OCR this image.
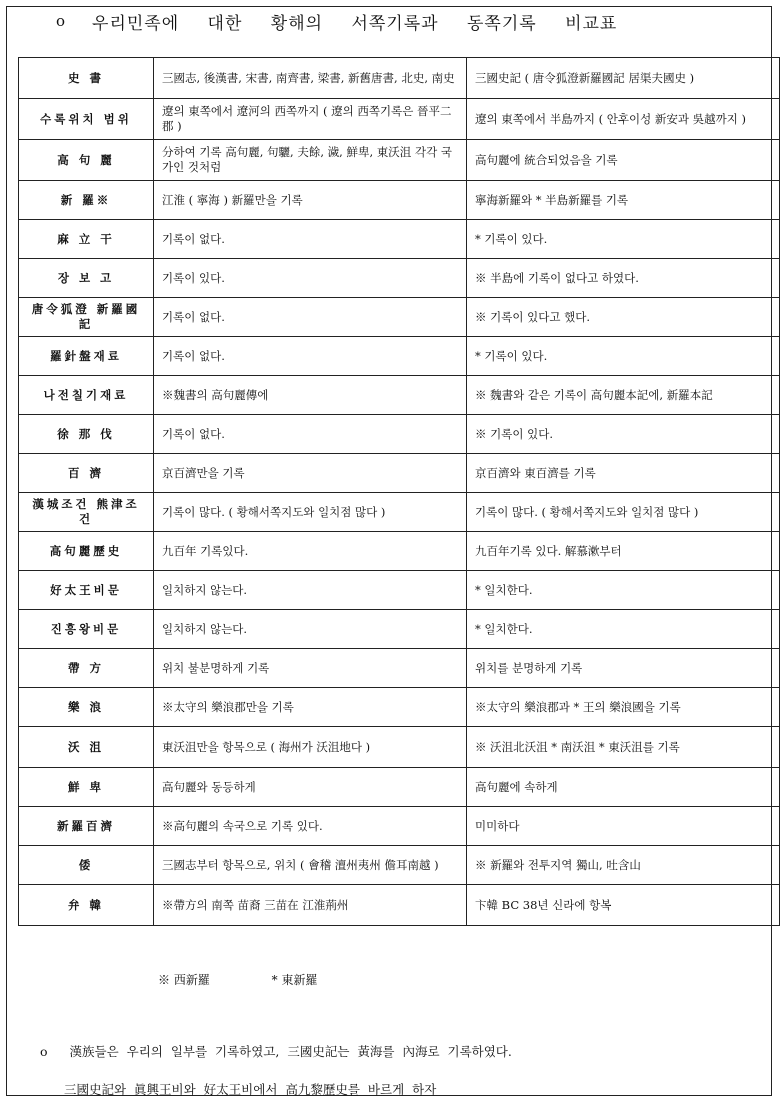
o 우리민족에 대한 황해의 서쪽기록과 동쪽기록 비교표
史 書	三國志, 後漢書, 宋書, 南齊書, 梁書, 新舊唐書, 北史, 南史	三國史記 ( 唐令狐澄新羅國記 居渠夫國史 )
수록위치 범위	遼의 東쪽에서 遼河의 西쪽까지 ( 遼의 西쪽기록은 晉平二郡 )	遼의 東쪽에서 半島까지 ( 안후이성 新安과 吳越까지 )
高 句 麗	分하여 기록 高句麗, 句驪, 夫餘, 濊, 鮮卑, 東沃沮 각각 국가인 것처럼	高句麗에 統合되었음을 기록
新 羅※	江淮 ( 寧海 ) 新羅만을 기록	寧海新羅와 * 半島新羅를 기록
麻 立 干	기록이 없다.	* 기록이 있다.
장 보 고	기록이 있다.	※ 半島에 기록이 없다고 하였다.
唐令狐澄 新羅國記	기록이 없다.	※ 기록이 있다고 했다.
羅針盤재료	기록이 없다.	* 기록이 있다.
나전칠기재료	※魏書의 高句麗傳에	※ 魏書와 같은 기록이 高句麗本記에, 新羅本記
徐 那 伐	기록이 없다.	※ 기록이 있다.
百 濟	京百濟만을 기록	京百濟와 東百濟를 기록
漢城조건 熊津조건	기록이 많다. ( 황해서쪽지도와 일치점 많다 )	기록이 많다. ( 황해서쪽지도와 일치점 많다 )
高句麗歷史	九百年 기록있다.	九百年기록 있다. 解慕漱부터
好太王비문	일치하지 않는다.	* 일치한다.
진흥왕비문	일치하지 않는다.	* 일치한다.
帶 方	위치 불분명하게 기록	위치를 분명하게 기록
樂 浪	※太守의 樂浪郡만을 기록	※太守의 樂浪郡과 * 王의 樂浪國을 기록
沃 沮	東沃沮만을 항목으로 ( 海州가 沃沮地다 )	※ 沃沮北沃沮 * 南沃沮 * 東沃沮를 기록
鮮 卑	高句麗와 동등하게	高句麗에 속하게
新羅百濟	※高句麗의 속국으로 기록 있다.	미미하다
倭	三國志부터 항목으로, 위치 ( 會稽 澶州夷州 儋耳南越 )	※ 新羅와 전투지역 獨山, 吐含山
弁 韓	※帶方의 南쪽 苗裔 三苗在 江淮荊州	卞韓 BC 38년 신라에 항복
※ 西新羅	* 東新羅
o 漢族들은 우리의 일부를 기록하였고, 三國史記는 黃海를 內海로 기록하였다.
三國史記와 眞興王비와 好太王비에서 高九黎歷史를 바르게 하자
